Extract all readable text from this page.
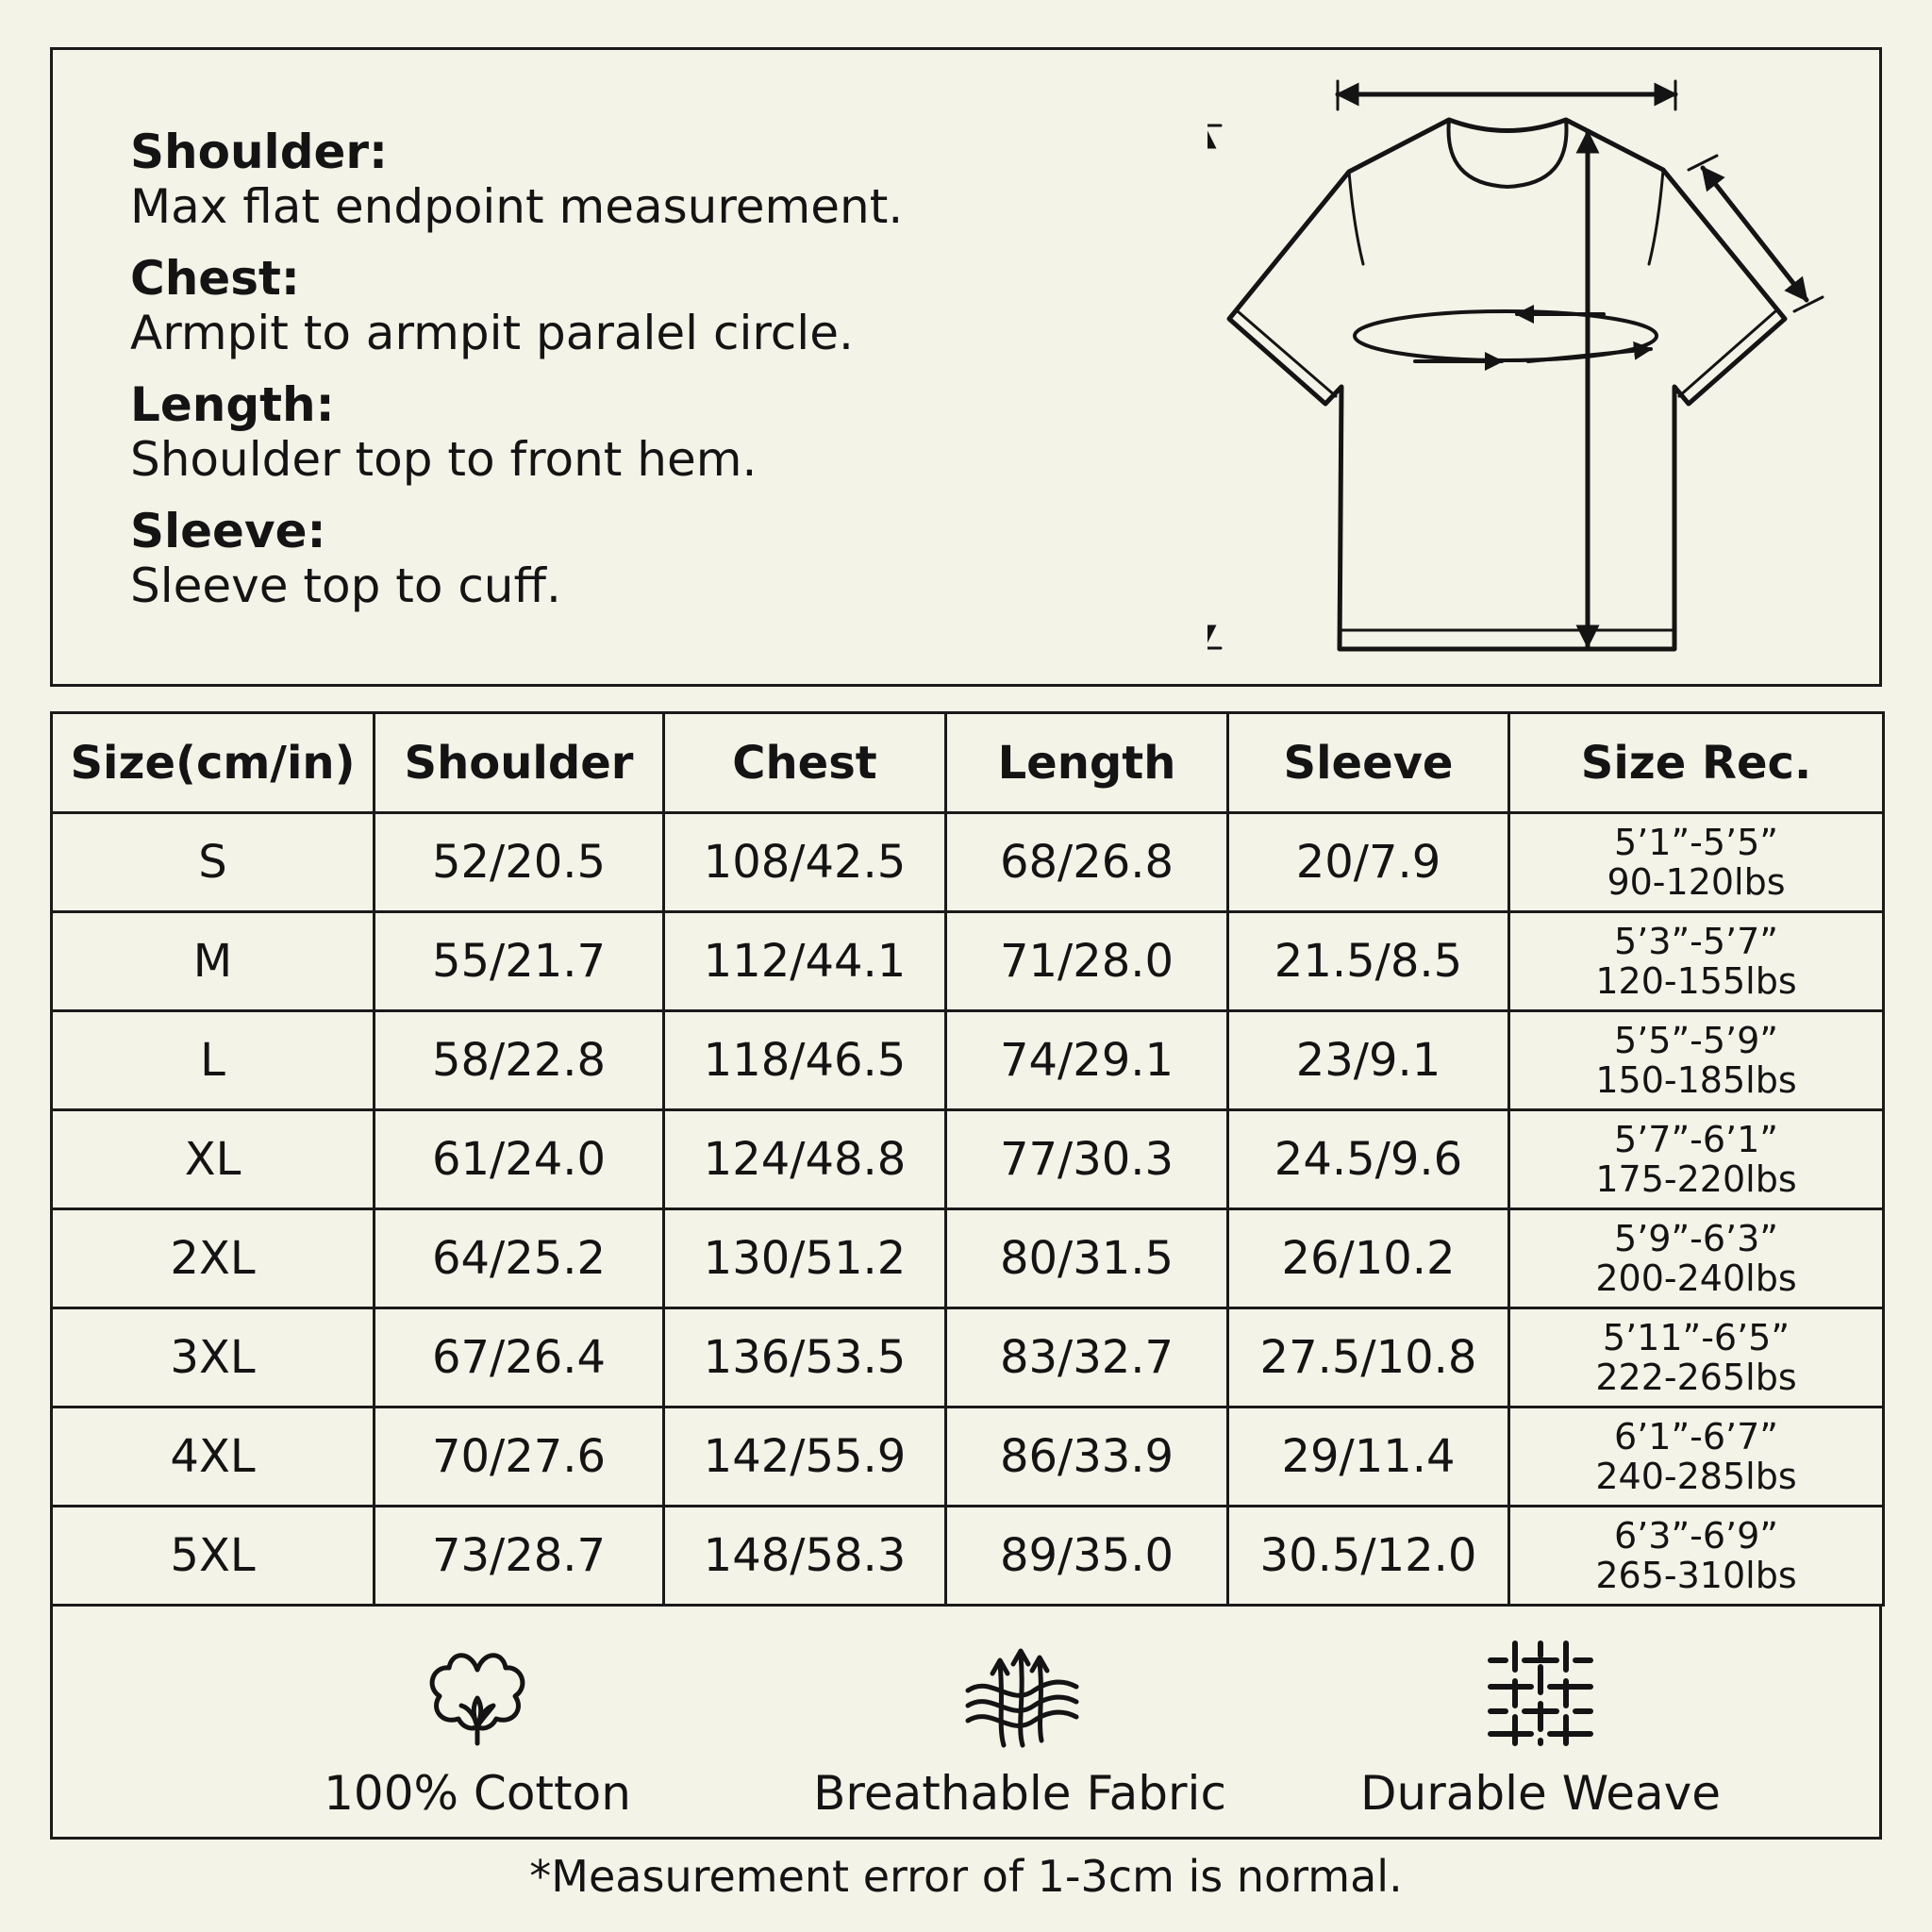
Shoulder:
Max flat endpoint measurement.
Chest:
Armpit to armpit paralel circle.
Length:
Shoulder top to front hem.
Sleeve:
Sleeve top to cuff.
Size(cm/in)	Shoulder	Chest	Length	Sleeve	Size Rec.
S	52/20.5	108/42.5	68/26.8	20/7.9	5’1”-5’5”
90-120lbs

M	55/21.7	112/44.1	71/28.0	21.5/8.5	5’3”-5’7”
120-155lbs

L	58/22.8	118/46.5	74/29.1	23/9.1	5’5”-5’9”
150-185lbs

XL	61/24.0	124/48.8	77/30.3	24.5/9.6	5’7”-6’1”
175-220lbs

2XL	64/25.2	130/51.2	80/31.5	26/10.2	5’9”-6’3”
200-240lbs

3XL	67/26.4	136/53.5	83/32.7	27.5/10.8	5’11”-6’5”
222-265lbs

4XL	70/27.6	142/55.9	86/33.9	29/11.4	6’1”-6’7”
240-285lbs

5XL	73/28.7	148/58.3	89/35.0	30.5/12.0	6’3”-6’9”
265-310lbs
100% Cotton	Breathable Fabric	Durable Weave
*Measurement error of 1-3cm is normal.
